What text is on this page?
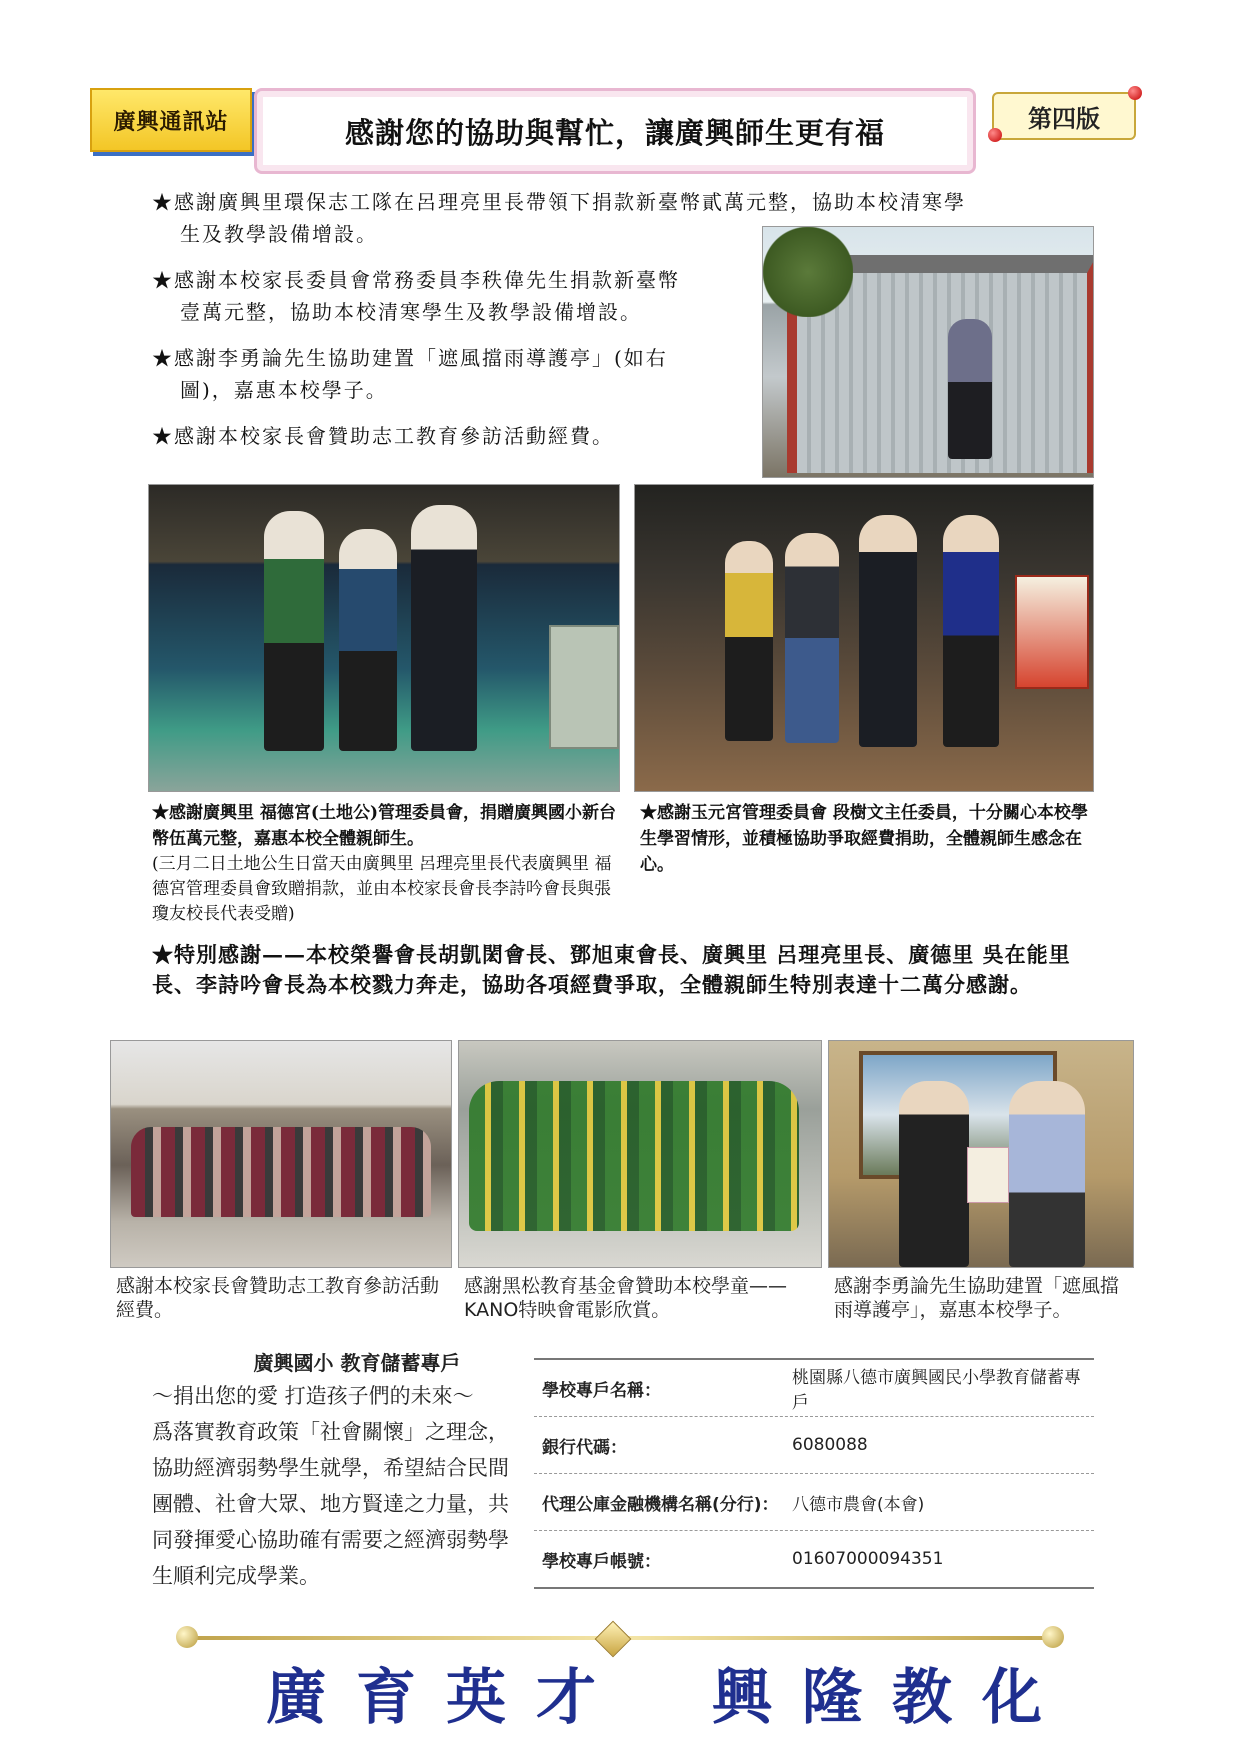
廣興通訊站	感謝您的協助與幫忙，讓廣興師生更有福	第四版
★感謝廣興里環保志工隊在呂理亮里長帶領下捐款新臺幣貳萬元整，協助本校清寒學
生及教學設備增設。
★感謝本校家長委員會常務委員李秩偉先生捐款新臺幣
壹萬元整，協助本校清寒學生及教學設備增設。
★感謝李勇論先生協助建置「遮風擋雨導護亭」(如右
圖)，嘉惠本校學子。
★感謝本校家長會贊助志工教育參訪活動經費。
★感謝廣興里 福德宮(土地公)管理委員會，捐贈廣興國小新台幣伍萬元整，嘉惠本校全體親師生。
(三月二日土地公生日當天由廣興里 呂理亮里長代表廣興里 福德宮管理委員會致贈捐款，並由本校家長會長李詩吟會長與張瓊友校長代表受贈)
★感謝玉元宮管理委員會 段樹文主任委員，十分關心本校學生學習情形，並積極協助爭取經費捐助，全體親師生感念在心。
★特別感謝——本校榮譽會長胡凱閎會長、鄧旭東會長、廣興里 呂理亮里長、廣德里 吳在能里長、李詩吟會長為本校戮力奔走，協助各項經費爭取，全體親師生特別表達十二萬分感謝。
感謝本校家長會贊助志工教育參訪活動經費。
感謝黑松教育基金會贊助本校學童——KANO特映會電影欣賞。
感謝李勇論先生協助建置「遮風擋雨導護亭」，嘉惠本校學子。
廣興國小 教育儲蓄專戶
～捐出您的愛 打造孩子們的未來～
爲落實教育政策「社會關懷」之理念，協助經濟弱勢學生就學，希望結合民間團體、社會大眾、地方賢達之力量，共同發揮愛心協助確有需要之經濟弱勢學生順利完成學業。
學校專戶名稱：
桃園縣八德市廣興國民小學教育儲蓄專戶
銀行代碼：	6080088
代理公庫金融機構名稱(分行)： 八德市農會(本會)
學校專戶帳號：	01607000094351
廣育英才 興隆教化
